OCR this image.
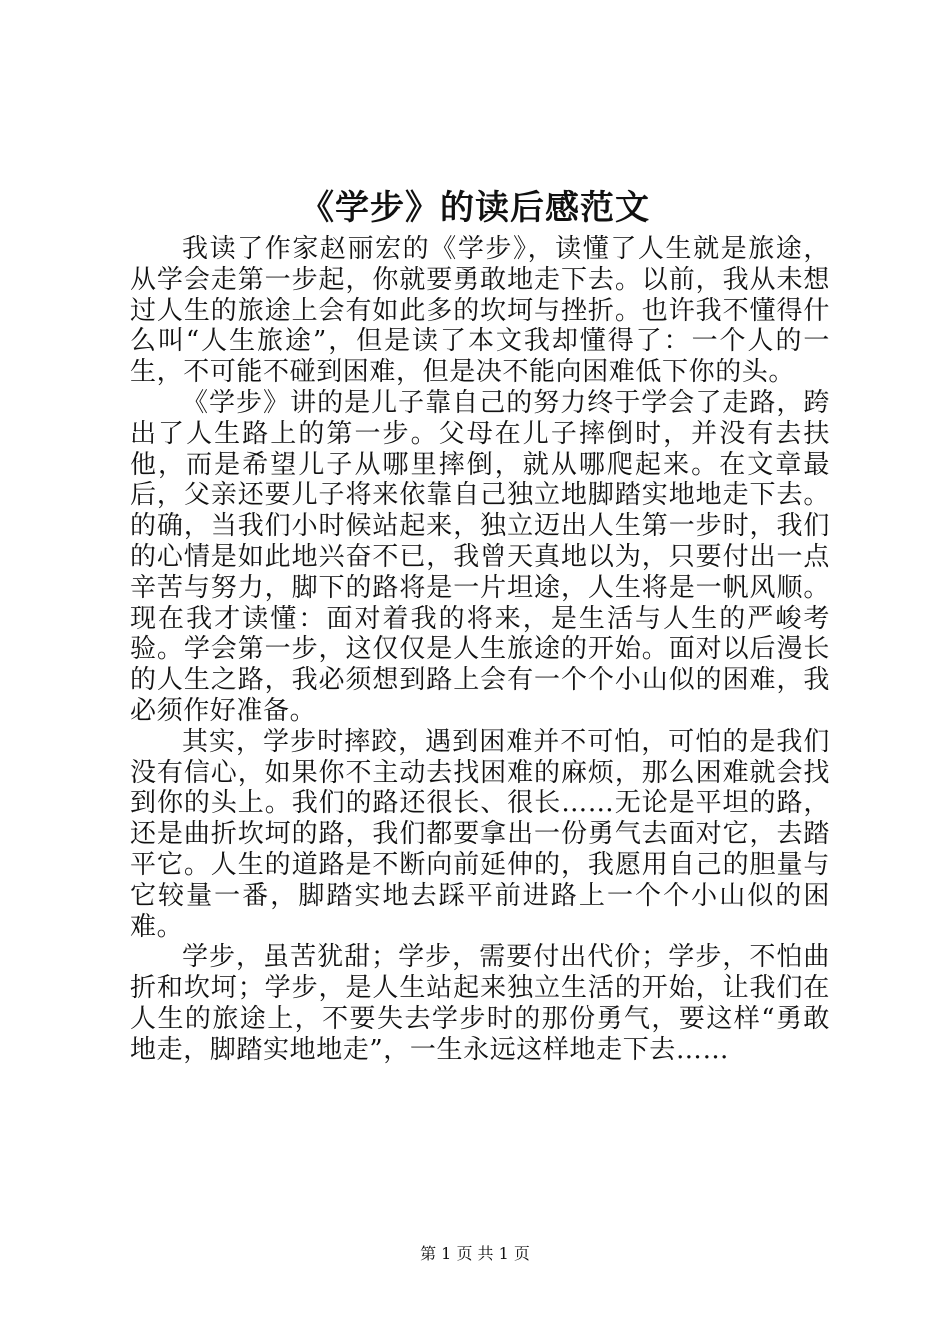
《学步》的读后感范文

我读了作家赵丽宏的《学步》，读懂了人生就是旅途，从学会走第一步起，你就要勇敢地走下去。以前，我从未想过人生的旅途上会有如此多的坎坷与挫折。也许我不懂得什么叫“人生旅途”，但是读了本文我却懂得了：一个人的一生，不可能不碰到困难，但是决不能向困难低下你的头。

《学步》讲的是儿子靠自己的努力终于学会了走路，跨出了人生路上的第一步。父母在儿子摔倒时，并没有去扶他，而是希望儿子从哪里摔倒，就从哪爬起来。在文章最后，父亲还要儿子将来依靠自己独立地脚踏实地地走下去。的确，当我们小时候站起来，独立迈出人生第一步时，我们的心情是如此地兴奋不已，我曾天真地以为，只要付出一点辛苦与努力，脚下的路将是一片坦途，人生将是一帆风顺。现在我才读懂：面对着我的将来，是生活与人生的严峻考验。学会第一步，这仅仅是人生旅途的开始。面对以后漫长的人生之路，我必须想到路上会有一个个小山似的困难，我必须作好准备。

其实，学步时摔跤，遇到困难并不可怕，可怕的是我们没有信心，如果你不主动去找困难的麻烦，那么困难就会找到你的头上。我们的路还很长、很长……无论是平坦的路，还是曲折坎坷的路，我们都要拿出一份勇气去面对它，去踏平它。人生的道路是不断向前延伸的，我愿用自己的胆量与它较量一番，脚踏实地去踩平前进路上一个个小山似的困难。

学步，虽苦犹甜；学步，需要付出代价；学步，不怕曲折和坎坷；学步，是人生站起来独立生活的开始，让我们在人生的旅途上，不要失去学步时的那份勇气，要这样“勇敢地走，脚踏实地地走”，一生永远这样地走下去……

第 1 页 共 1 页
